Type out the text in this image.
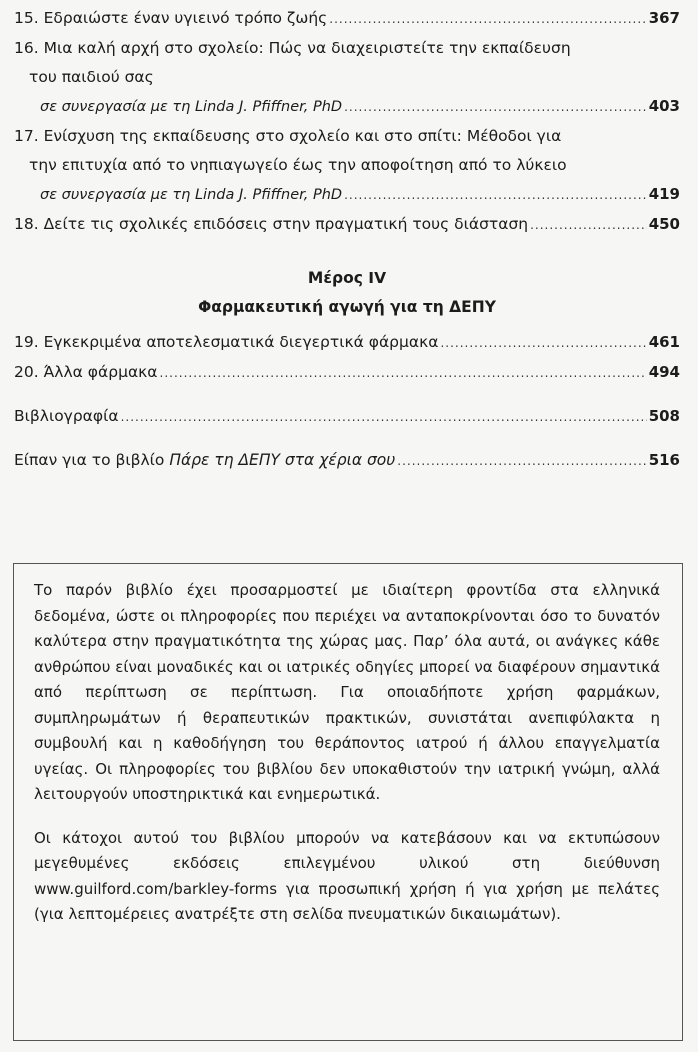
15. Εδραιώστε έναν υγιεινό τρόπο ζωής .....	367
16. Μια καλή αρχή στο σχολείο: Πώς να διαχειριστείτε την εκπαίδευση
του παιδιού σας
σε συνεργασία με τη Linda J. Pfiffner, PhD .....	403
17. Ενίσχυση της εκπαίδευσης στο σχολείο και στο σπίτι: Μέθοδοι για
την επιτυχία από το νηπιαγωγείο έως την αποφοίτηση από το λύκειο
σε συνεργασία με τη Linda J. Pfiffner, PhD .....	419
18. Δείτε τις σχολικές επιδόσεις στην πραγματική τους διάσταση .....	450
Μέρος IV
Φαρμακευτική αγωγή για τη ΔΕΠΥ
19. Εγκεκριμένα αποτελεσματικά διεγερτικά φάρμακα .....	461
20. Άλλα φάρμακα .....	494
Βιβλιογραφία .....	508
Είπαν για το βιβλίο Πάρε τη ΔΕΠΥ στα χέρια σου .....	516

Το παρόν βιβλίο έχει προσαρμοστεί με ιδιαίτερη φροντίδα στα ελληνικά δεδομένα, ώστε οι πληροφορίες που περιέχει να ανταποκρίνονται όσο το δυνατόν καλύτερα στην πραγματικότητα της χώρας μας. Παρ’ όλα αυτά, οι ανάγκες κάθε ανθρώπου είναι μοναδικές και οι ιατρικές οδηγίες μπορεί να διαφέρουν σημαντικά από περίπτωση σε περίπτωση. Για οποιαδήποτε χρήση φαρμάκων, συμπληρωμάτων ή θεραπευτικών πρακτικών, συνιστάται ανεπιφύλακτα η συμβουλή και η καθοδήγηση του θεράποντος ιατρού ή άλλου επαγγελματία υγείας. Οι πληροφορίες του βιβλίου δεν υποκαθιστούν την ιατρική γνώμη, αλλά λειτουργούν υποστηρικτικά και ενημερωτικά.

Οι κάτοχοι αυτού του βιβλίου μπορούν να κατεβάσουν και να εκτυπώσουν μεγεθυμένες εκδόσεις επιλεγμένου υλικού στη διεύθυνση www.guilford.com/barkley-forms για προσωπική χρήση ή για χρήση με πελάτες (για λεπτομέρειες ανατρέξτε στη σελίδα πνευματικών δικαιωμάτων).
